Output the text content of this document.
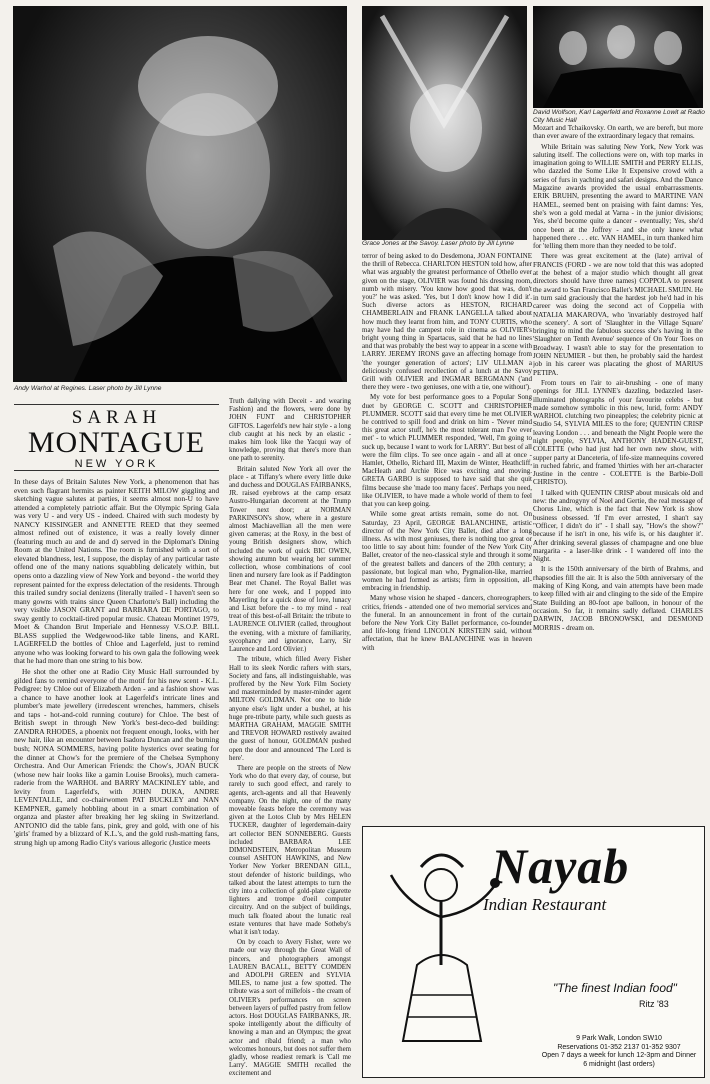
Andy Warhol at Regines. Laser photo by Jill Lynne
Grace Jones at the Savoy. Laser photo by Jill Lynne
David Wolfson, Karl Lagerfeld and Roxanne Lowit at Radio City Music Hall
SARAH
MONTAGUE
NEW YORK

In these days of Britain Salutes New York, a phenomenon that has even such flagrant hermits as painter KEITH MILOW giggling and sketching vague salutes at parties, it seems almost non-U to have attended a completely patriotic affair. But the Olympic Spring Gala was very U - and very US - indeed. Chaired with such modesty by NANCY KISSINGER and ANNETTE REED that they seemed almost refined out of existence, it was a really lovely dinner (featuring much au and de and d) served in the Diplomat's Dining Room at the United Nations. The room is furnished with a sort of elevated blandness, lest, I suppose, the display of any particular taste offend one of the many nations squabbling delicately within, but opens onto a dazzling view of New York and beyond - the world they represent painted for the express delectation of the residents. Through this trailed sundry social denizens (literally trailed - I haven't seen so many gowns with trains since Queen Charlotte's Ball) including the very visible JASON GRANT and BARBARA DE PORTAGO, to sway gently to cocktail-tired popular music. Chateau Montinet 1979, Moet & Chandon Brut Imperiale and Hennessy V.S.O.P. BILL BLASS supplied the Wedgewood-like table linens, and KARL LAGERFELD the bottles of Chloe and Lagerfeld, just to remind anyone who was looking forward to his own gala the following week that he had more than one string to his bow.

He shot the other one at Radio City Music Hall surrounded by gilded fans to remind everyone of the motif for his new scent - K.L. Pedigree: by Chloe out of Elizabeth Arden - and a fashion show was a chance to have another look at Lagerfeld's intricate lines and plumber's mate jewellery (irredescent wrenches, hammers, chisels and taps - hot-and-cold running couture) for Chloe. The best of British swept in through New York's best-deco-ded building: ZANDRA RHODES, a phoenix not frequent enough, looks, with her new hair, like an encounter between Isadora Duncan and the burning bush; NONA SOMMERS, having polite hysterics over seating for the dinner at Chow's for the premiere of the Chelsea Symphony Orchestra. And Our American Friends: the Chow's, JOAN BUCK (whose new hair looks like a gamin Louise Brooks), much camera-raderie from the WARHOL and BARRY MACKINLEY table, and levity from Lagerfeld's, with JOHN DUKA, ANDRE LEVENTALLE, and co-chairwomen PAT BUCKLEY and NAN KEMPNER, gamely hobbling about in a smart combination of organza and plaster after breaking her leg skiing in Switzerland. ANTONIO did the table fans, pink, grey and gold, with one of his 'girls' framed by a blizzard of K.L.'s, and the gold rush-matting fans, strung high up among Radio City's various allegoric (Justice meets

Truth dallying with Deceit - and wearing Fashion) and the flowers, were done by JOHN FUNT and CHRISTOPHER GIFTOS. Lagerfeld's new hair style - a long club caught at his neck by an elastic - makes him look like the Yacqui way of knowledge, proving that there's more than one path to serenity.

Britain saluted New York all over the place - at Tiffany's where every little duke and duchess and DOUGLAS FAIRBANKS, JR. raised eyebrows at the camp ersatz Austro-Hungarian decorrent at the Trump Tower next door; at NORMAN PARKINSON's show, where in a gesture almost Machiavellian all the men were given cameras; at the Roxy, in the best of young British designers show, which included the work of quick BIC OWEN, showing autumn but wearing her summer collection, whose combinations of cool linen and nursery fare look as if Paddington Bear met Chanel. The Royal Ballet was here for one week, and I popped into Mayerling for a quick dose of love, lunacy and Liszt before the - to my mind - real treat of this best-of-all Britain: the tribute to LAURENCE OLIVIER (called, throughout the evening, with a mixture of familiarity, sycophancy and ignorance, Larry, Sir Laurence and Lord Olivier.)

The tribute, which filled Avery Fisher Hall to its sleek Nordic rafters with stars, Society and fans, all indistinguishable, was proffered by the New York Film Society and masterminded by master-minder agent MILTON GOLDMAN. Not one to hide anyone else's light under a bushel, at his huge pre-tribute party, while such guests as MARTHA GRAHAM, MAGGIE SMITH and TREVOR HOWARD restively awaited the guest of honour, GOLDMAN pushed open the door and announced 'The Lord is here'.

There are people on the streets of New York who do that every day, of course, but rarely to such good effect, and rarely to agents, arch-agents and all that Heavenly company. On the night, one of the many moveable feasts before the ceremony was given at the Lotos Club by Mrs HELEN TUCKER, daughter of legerdemain-dairy art collector BEN SONNEBERG. Guests included BARBARA LEE DIMONDSTEIN, Metropolitan Museum counsel ASHTON HAWKINS, and New Yorker New Yorker BRENDAN GILL, stout defender of historic buildings, who talked about the latest attempts to turn the city into a collection of gold-plate cigarette lighters and trompe d'oeil computer circuitry. And on the subject of buildings, much talk floated about the lunatic real estate ventures that have made Sotheby's what it isn't today.

On by coach to Avery Fisher, were we made our way through the Great Wall of pincers, and photographers amongst LAUREN BACALL, BETTY COMDEN and ADOLPH GREEN and SYLVIA MILES, to name just a few spotted. The tribute was a sort of millefois - the cream of OLIVIER's performances on screen between layers of puffed pastry from fellow actors. Host DOUGLAS FAIRBANKS, JR. spoke intelligently about the difficulty of knowing a man and an Olympus; the great actor and ribald friend; a man who welcomes honours, but does not suffer them gladly, whose readiest remark is 'Call me Larry'. MAGGIE SMITH recalled the excitement and

terror of being asked to do Desdemona, JOAN FONTAINE the thrill of Rebecca. CHARLTON HESTON told how, after what was arguably the greatest performance of Othello ever given on the stage, OLIVIER was found his dressing room, numb with misery. 'You know how good that was, don't you?' he was asked. 'Yes, but I don't know how I did it'. Such diverse actors as HESTON, RICHARD CHAMBERLAIN and FRANK LANGELLA talked about how much they learnt from him, and TONY CURTIS, who may have had the campest role in cinema as OLIVIER's bright young thing in Spartacus, said that he had no lines and that was probably the best way to appear in a scene with LARRY. JEREMY IRONS gave an affecting homage from 'the younger generation of actors'; LIV ULLMAN a deliciously confused recollection of a lunch at the Savoy Grill with OLIVIER and INGMAR BERGMANN ('and there they were - two geniuses, one with a tie, one without').

My vote for best performance goes to a Popular Song duet by GEORGE C. SCOTT and CHRISTOPHER PLUMMER. SCOTT said that every time he met OLIVIER he contrived to spill food and drink on him - 'Never mind this great actor stuff, he's the most tolerant man I've ever met' - to which PLUMMER responded, 'Well, I'm going to suck up, because I want to work for LARRY'. But best of all were the film clips. To see once again - and all at once - Hamlet, Othello, Richard III, Maxim de Winter, Heathcliff, MacHeath and Archie Rice was exciting and moving. GRETA GARBO is supposed to have said that she quit films because she 'made too many faces'. Perhaps you need, like OLIVIER, to have made a whole world of them to feel that you can keep going.

While some great artists remain, some do not. On Saturday, 23 April, GEORGE BALANCHINE, artistic director of the New York City Ballet, died after a long illness. As with most geniuses, there is nothing too great or too little to say about him: founder of the New York City Ballet, creator of the neo-classical style and through it some of the greatest ballets and dancers of the 20th century; a passionate, but logical man who, Pygmalion-like, married women he had formed as artists; firm in opposition, all-embracing in friendship.

Many whose vision he shaped - dancers, choreographers, critics, friends - attended one of two memorial services and the funeral. In an announcement in front of the curtain before the New York City Ballet performance, co-founder and life-long friend LINCOLN KIRSTEIN said, without affectation, that he knew BALANCHINE was in heaven with

Mozart and Tchaikovsky. On earth, we are bereft, but more than ever aware of the extraordinary legacy that remains.

While Britain was saluting New York, New York was saluting itself. The collections were on, with top marks in imagination going to WILLIE SMITH and PERRY ELLIS, who dazzled the Some Like It Expensive crowd with a series of furs in yachting and safari designs. And the Dance Magazine awards provided the usual embarrassments. ERIK BRUHN, presenting the award to MARTINE VAN HAMEL, seemed bent on praising with faint damns: Yes, she's won a gold medal at Varna - in the junior divisions; Yes, she'd become quite a dancer - eventually; Yes, she'd once been at the Joffrey - and she only knew what happened there . . . etc. VAN HAMEL, in turn thanked him for 'telling them more than they needed to be told'.

There was great excitement at the (late) arrival of FRANCIS (FORD - we are now told that this was adopted at the behest of a major studio which thought all great directors should have three names) COPPOLA to present the award to San Francisco Ballet's MICHAEL SMUIN. He in turn said graciously that the hardest job he'd had in his career was doing the second act of Coppelia with NATALIA MAKAROVA, who 'invariably destroyed half the scenery'. A sort of 'Slaughter in the Village Square' bringing to mind the fabulous success she's having in the 'Slaughter on Tenth Avenue' sequence of On Your Toes on Broadway. I wasn't able to stay for the presentation to JOHN NEUMIER - but then, he probably said the hardest job in his career was placating the ghost of MARIUS PETIPA.

From tours en l'air to air-brushing - one of many openings for JILL LYNNE's dazzling, bedazzled laser-illuminated photographs of your favourite celebs - but made somehow symbolic in this new, lurid, form: ANDY WARHOL clutching two pineapples; the celebrity picnic at Studio 54, SYLVIA MILES to the fore; QUENTIN CRISP leaving London . . . and beneath the Night People were the night people, SYLVIA, ANTHONY HADEN-GUEST, COLETTE (who had just had her own new show, with supper party at Danceteria, of life-size mannequins covered in ruched fabric, and framed 'thirties with her art-character Justine in the centre - COLETTE is the Barbie-Doll CHRISTO).

I talked with QUENTIN CRISP about musicals old and new: the androgyny of Noel and Gertie, the real message of Chorus Line, which is the fact that New York is show business obsessed. 'If I'm ever arrested, I shan't say "Officer, I didn't do it" - I shall say, "How's the show?" because if he isn't in one, his wife is, or his daughter it'. After drinking several glasses of champagne and one blue margarita - a laser-like drink - I wandered off into the Night.

It is the 150th anniversary of the birth of Brahms, and rhapsodies fill the air. It is also the 50th anniversary of the making of King Kong, and vain attempts have been made to keep filled with air and clinging to the side of the Empire State Building an 80-foot ape balloon, in honour of the occasion. So far, it remains sadly deflated. CHARLES DARWIN, JACOB BRONOWSKI, and DESMOND MORRIS - dream on.

Nayab
Indian Restaurant
"The finest Indian food"
Ritz '83
9 Park Walk, London SW10
Reservations 01-352 2137 01-352 9307
Open 7 days a week for lunch 12-3pm and Dinner 6 midnight (last orders)
